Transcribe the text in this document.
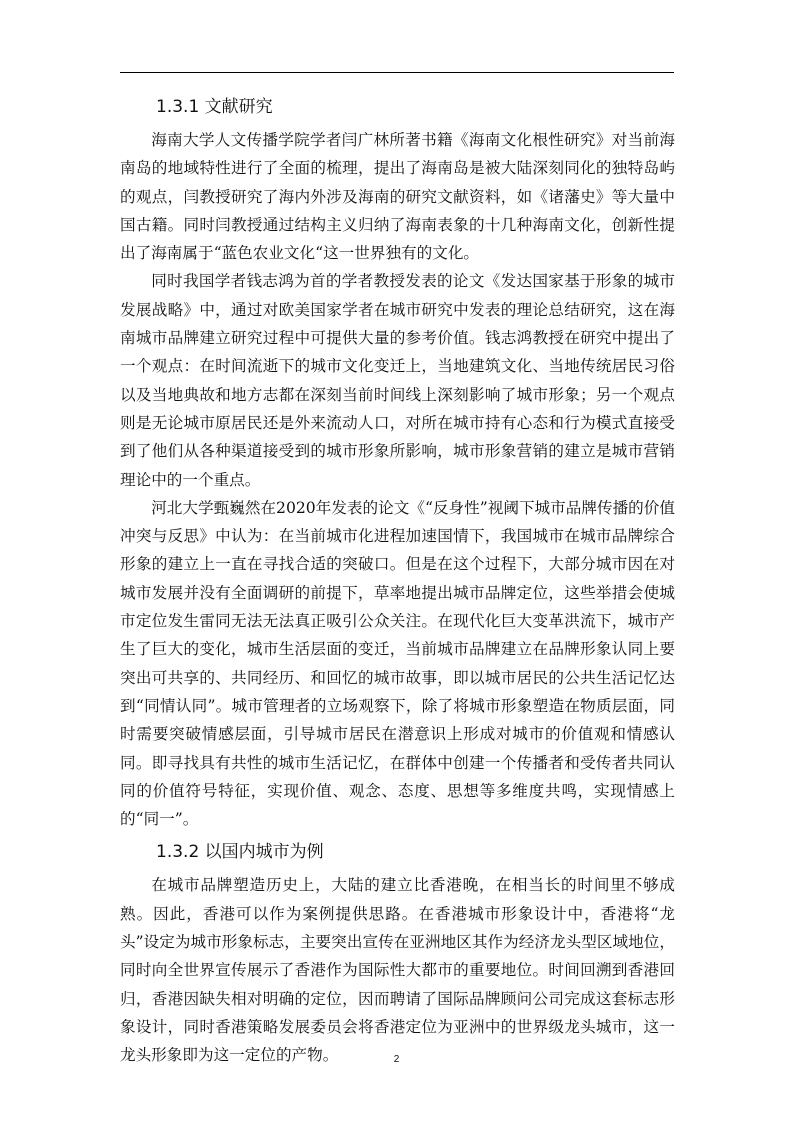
1.3.1 文献研究

海南大学人文传播学院学者闫广林所著书籍《海南文化根性研究》对当前海南岛的地域特性进行了全面的梳理，提出了海南岛是被大陆深刻同化的独特岛屿的观点，闫教授研究了海内外涉及海南的研究文献资料，如《诸藩史》等大量中国古籍。同时闫教授通过结构主义归纳了海南表象的十几种海南文化，创新性提出了海南属于“蓝色农业文化“这一世界独有的文化。

同时我国学者钱志鸿为首的学者教授发表的论文《发达国家基于形象的城市发展战略》中，通过对欧美国家学者在城市研究中发表的理论总结研究，这在海南城市品牌建立研究过程中可提供大量的参考价值。钱志鸿教授在研究中提出了一个观点：在时间流逝下的城市文化变迁上，当地建筑文化、当地传统居民习俗以及当地典故和地方志都在深刻当前时间线上深刻影响了城市形象；另一个观点则是无论城市原居民还是外来流动人口，对所在城市持有心态和行为模式直接受到了他们从各种渠道接受到的城市形象所影响，城市形象营销的建立是城市营销理论中的一个重点。

河北大学甄巍然在2020年发表的论文《“反身性”视阈下城市品牌传播的价值冲突与反思》中认为：在当前城市化进程加速国情下，我国城市在城市品牌综合形象的建立上一直在寻找合适的突破口。但是在这个过程下，大部分城市因在对城市发展并没有全面调研的前提下，草率地提出城市品牌定位，这些举措会使城市定位发生雷同无法无法真正吸引公众关注。在现代化巨大变革洪流下，城市产生了巨大的变化，城市生活层面的变迁，当前城市品牌建立在品牌形象认同上要突出可共享的、共同经历、和回忆的城市故事，即以城市居民的公共生活记忆达到“同情认同”。城市管理者的立场观察下，除了将城市形象塑造在物质层面，同时需要突破情感层面，引导城市居民在潜意识上形成对城市的价值观和情感认同。即寻找具有共性的城市生活记忆，在群体中创建一个传播者和受传者共同认同的价值符号特征，实现价值、观念、态度、思想等多维度共鸣，实现情感上的“同一”。

1.3.2 以国内城市为例

在城市品牌塑造历史上，大陆的建立比香港晚，在相当长的时间里不够成熟。因此，香港可以作为案例提供思路。在香港城市形象设计中，香港将“龙头”设定为城市形象标志，主要突出宣传在亚洲地区其作为经济龙头型区域地位，同时向全世界宣传展示了香港作为国际性大都市的重要地位。时间回溯到香港回归，香港因缺失相对明确的定位，因而聘请了国际品牌顾问公司完成这套标志形象设计，同时香港策略发展委员会将香港定位为亚洲中的世界级龙头城市，这一龙头形象即为这一定位的产物。	2
